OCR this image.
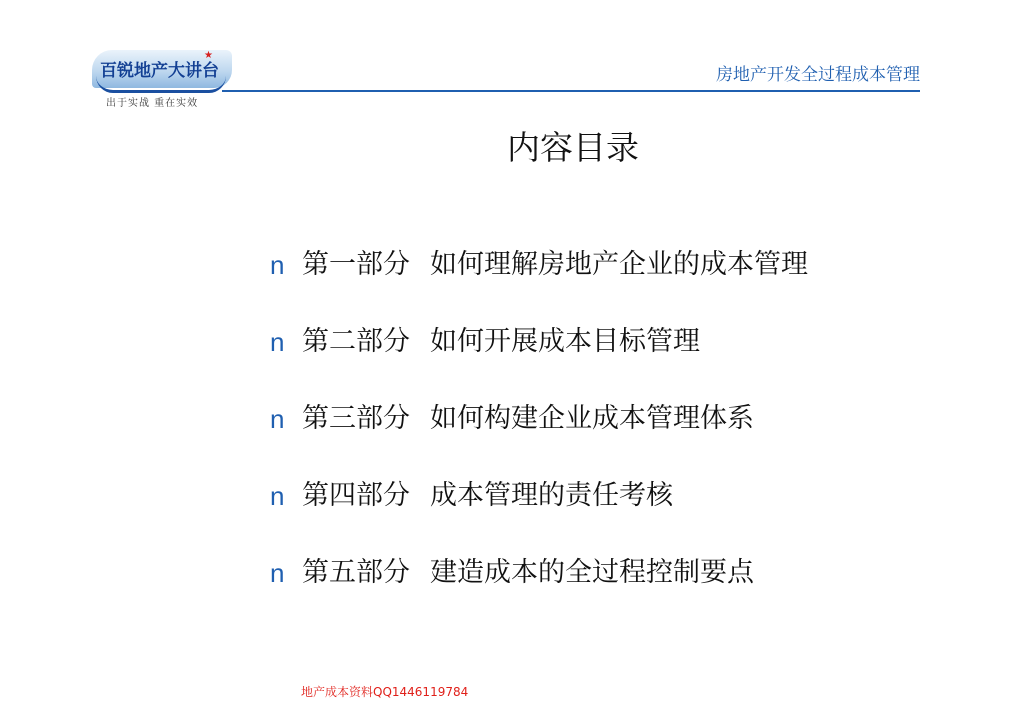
百锐地产大讲台
★
出于实战 重在实效
房地产开发全过程成本管理
内容目录
n 第一部分 如何理解房地产企业的成本管理
n 第二部分 如何开展成本目标管理
n 第三部分 如何构建企业成本管理体系
n 第四部分 成本管理的责任考核
n 第五部分 建造成本的全过程控制要点
地产成本资料QQ1446119784
